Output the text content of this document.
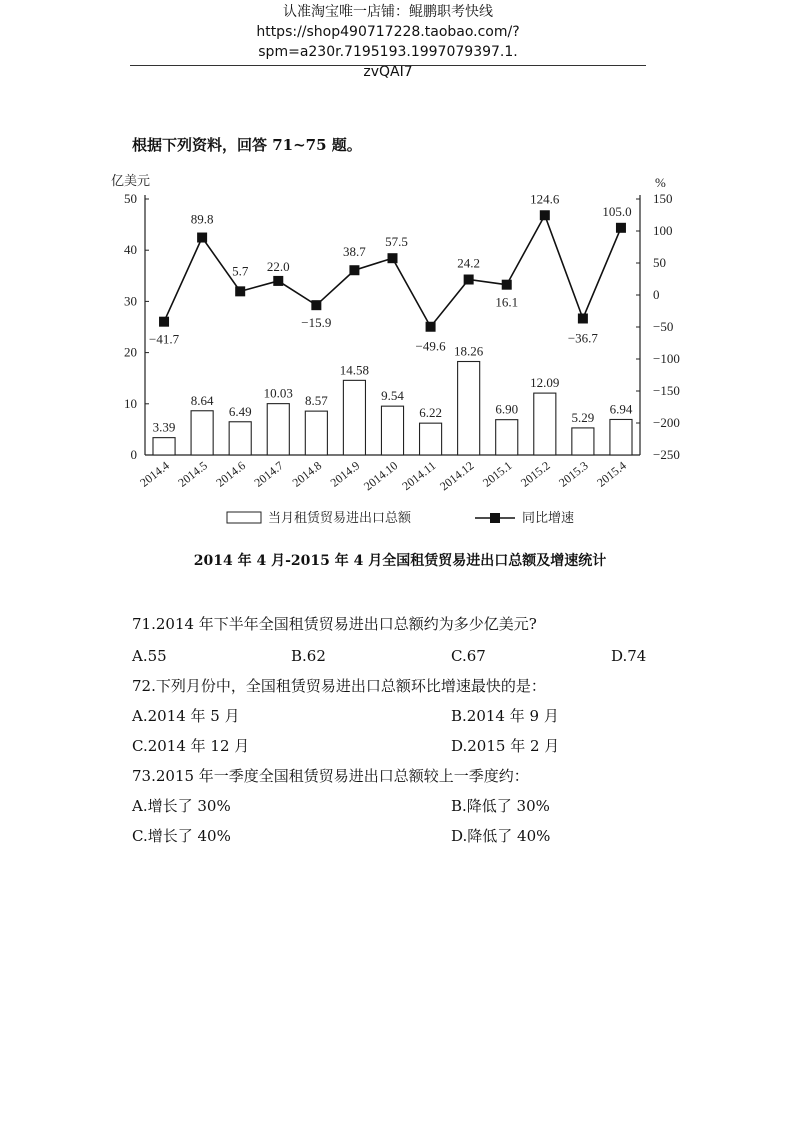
认准淘宝唯一店铺：鲲鹏职考快线
https://shop490717228.taobao.com/?spm=a230r.7195193.1997079397.1.
zvQAI7
根据下列资料，回答 71~75 题。
0
10
20
30
40
50
亿美元
−250
−200
−150
−100
−50
0
50
100
150
%
3.39
8.64
6.49
10.03 8.57
14.58
9.54
6.22
18.26
6.90
12.09
5.29
6.94
2014.4 2014.5 2014.6 2014.7 2014.8 2014.9
2014.10 2014.11
2014.12 2015.1 2015.2 2015.3 2015.4
−41.7
89.8
5.7 22.0
−15.9
38.7
57.5
−49.6
24.2
16.1
124.6
−36.7
105.0
当月租赁贸易进出口总额	同比增速
2014 年 4 月-2015 年 4 月全国租赁贸易进出口总额及增速统计
71.2014 年下半年全国租赁贸易进出口总额约为多少亿美元?
A.55	B.62	C.67	D.74
72.下列月份中，全国租赁贸易进出口总额环比增速最快的是：
A.2014 年 5 月	B.2014 年 9 月
C.2014 年 12 月	D.2015 年 2 月
73.2015 年一季度全国租赁贸易进出口总额较上一季度约：
A.增长了 30%	B.降低了 30%
C.增长了 40%	D.降低了 40%
